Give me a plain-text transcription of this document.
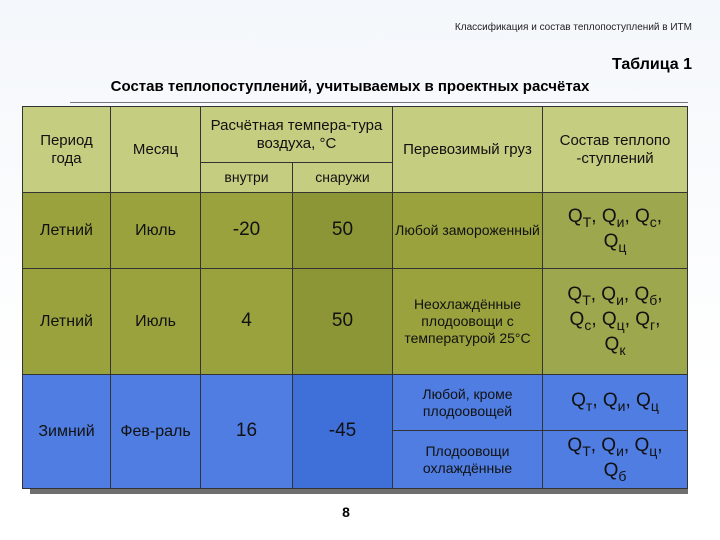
Классификация и состав теплопоступлений в ИТМ
Таблица 1
Состав теплопоступлений, учитываемых в проектных расчётах
Период года	Месяц	Расчётная темпера-тура воздуха, °С		Перевозимый груз	Состав теплопо -ступлений
		внутри	снаружи		
Летний	Июль	-20	50	Любой замороженный	$Q_Т$, $Q_и$, $Q_с$,
$Q_ц$
Летний	Июль	4	50	Неохлаждённые плодоовощи с температурой 25°С	$Q_Т$, $Q_и$, $Q_б$,
$Q_с$, $Q_ц$, $Q_г$,
$Q_к$
Зимний	Фев-раль	16	-45	Любой, кроме плодоовощей	$Q_т$, $Q_и$, $Q_ц$
				Плодоовощи охлаждённые	$Q_Т$, $Q_и$, $Q_ц$,
$Q_б$
8
